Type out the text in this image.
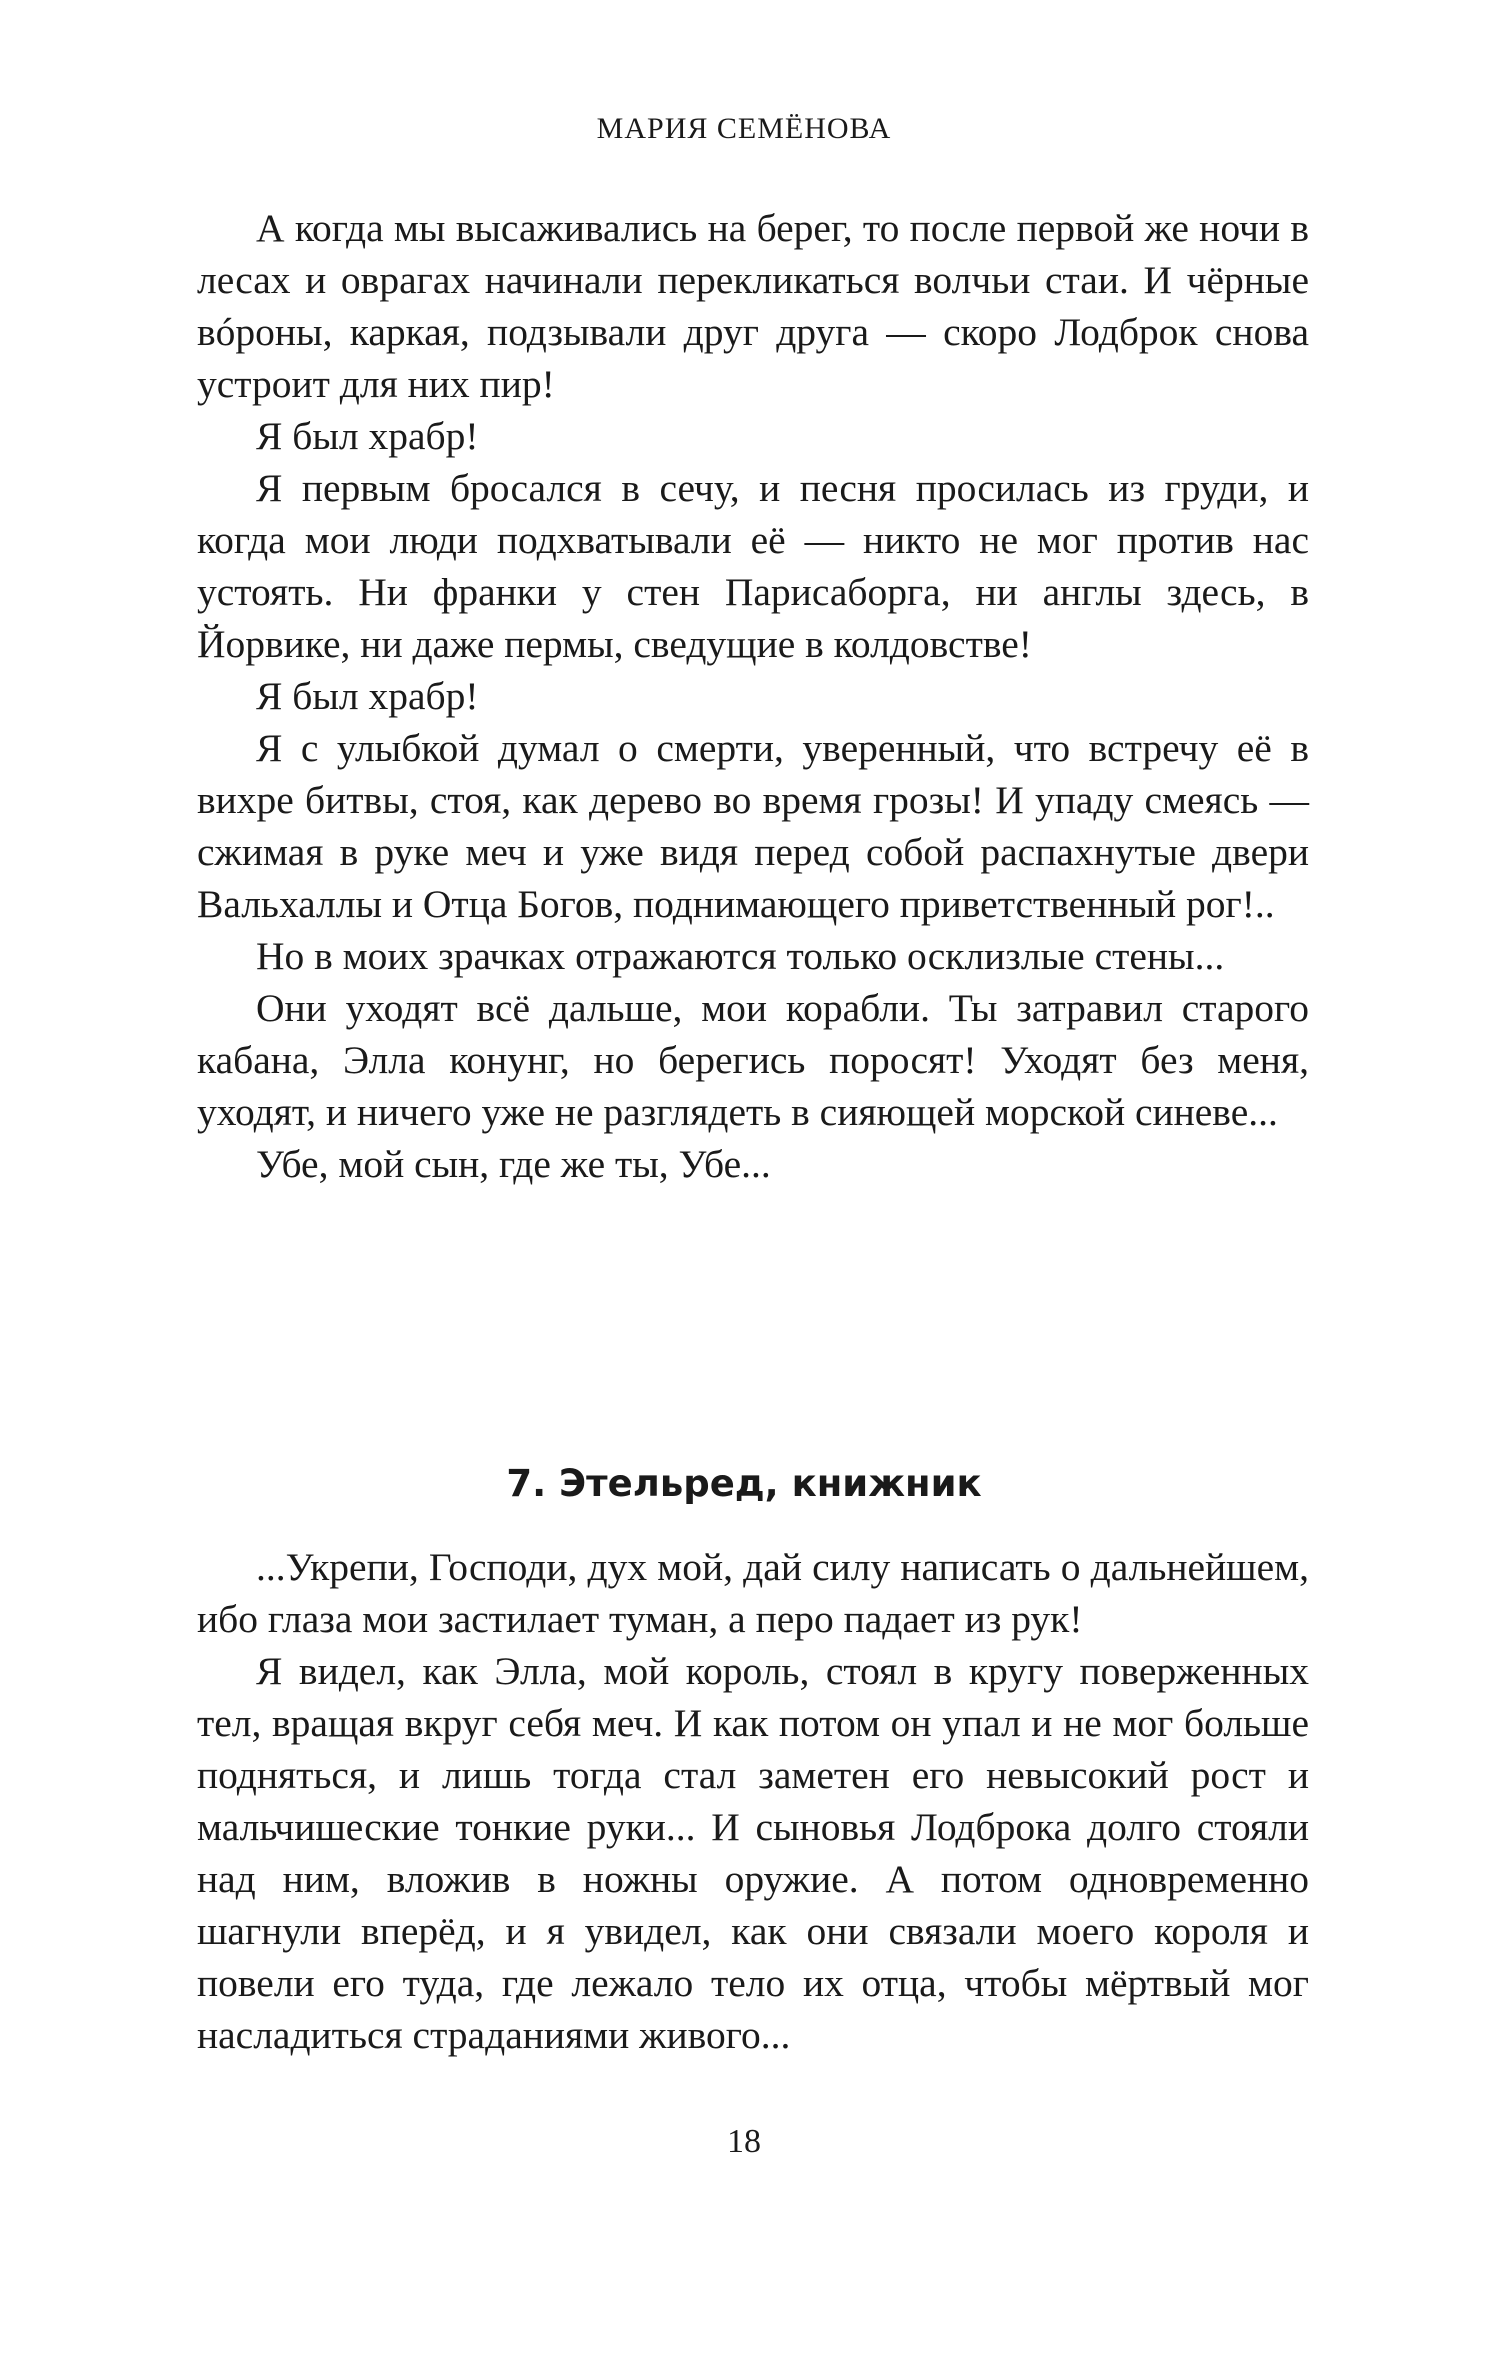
МАРИЯ СЕМЁНОВА

А когда мы высаживались на берег, то после первой же ночи в лесах и оврагах начинали перекликаться волчьи стаи. И чёрные вóроны, каркая, подзывали друг друга — скоро Лодброк снова устроит для них пир!

Я был храбр!

Я первым бросался в сечу, и песня просилась из груди, и когда мои люди подхватывали её — никто не мог против нас устоять. Ни франки у стен Парисаборга, ни англы здесь, в Йорвике, ни даже пермы, сведущие в колдовстве!

Я был храбр!

Я с улыбкой думал о смерти, уверенный, что встречу её в вихре битвы, стоя, как дерево во время грозы! И упаду смеясь — сжимая в руке меч и уже видя перед собой распахнутые двери Вальхаллы и Отца Богов, поднимающего приветственный рог!..

Но в моих зрачках отражаются только осклизлые стены...

Они уходят всё дальше, мои корабли. Ты затравил старого кабана, Элла конунг, но берегись поросят! Уходят без меня, уходят, и ничего уже не разглядеть в сияющей морской синеве...

Убе, мой сын, где же ты, Убе...

7. Этельред, книжник

...Укрепи, Господи, дух мой, дай силу написать о дальнейшем, ибо глаза мои застилает туман, а перо падает из рук!

Я видел, как Элла, мой король, стоял в кругу поверженных тел, вращая вкруг себя меч. И как потом он упал и не мог больше подняться, и лишь тогда стал заметен его невысокий рост и мальчишеские тонкие руки... И сыновья Лодброка долго стояли над ним, вложив в ножны оружие. А потом одновременно шагнули вперёд, и я увидел, как они связали моего короля и повели его туда, где лежало тело их отца, чтобы мёртвый мог насладиться страданиями живого...

18
